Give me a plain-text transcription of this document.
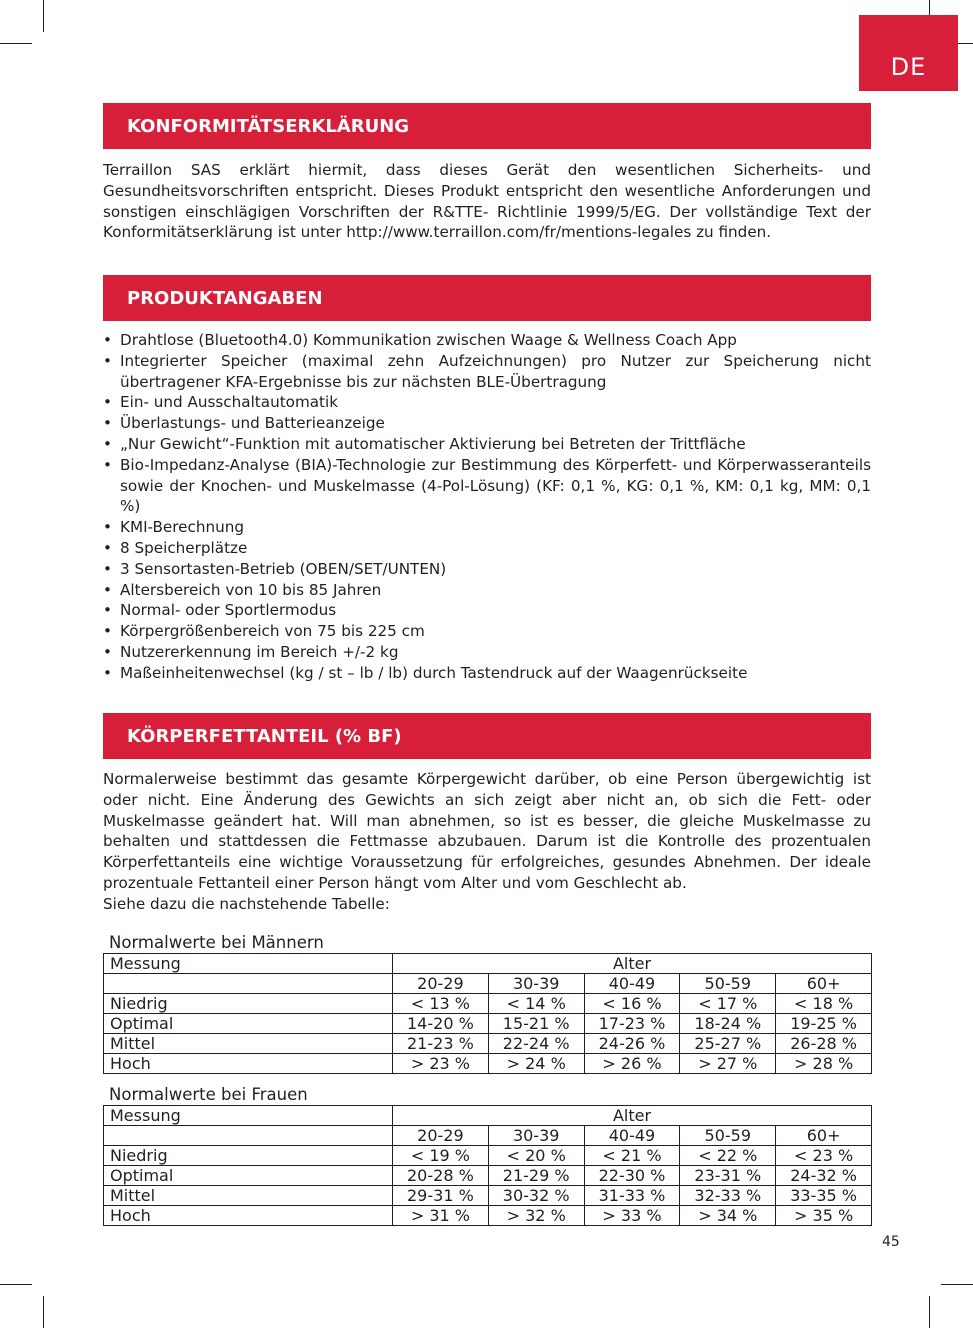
DE
KONFORMITÄTSERKLÄRUNG

Terraillon SAS erklärt hiermit, dass dieses Gerät den wesentlichen Sicherheits- und Gesundheitsvorschriften entspricht. Dieses Produkt entspricht den wesentliche Anforderungen und sonstigen einschlägigen Vorschriften der R&TTE- Richtlinie 1999/5/EG. Der vollständige Text der Konformitätserklärung ist unter http://www.terraillon.com/fr/mentions-legales zu finden.

PRODUKTANGABEN
• Drahtlose (Bluetooth4.0) Kommunikation zwischen Waage & Wellness Coach App
• Integrierter Speicher (maximal zehn Aufzeichnungen) pro Nutzer zur Speicherung nicht übertragener KFA-Ergebnisse bis zur nächsten BLE-Übertragung
• Ein- und Ausschaltautomatik
• Überlastungs- und Batterieanzeige
• „Nur Gewicht“-Funktion mit automatischer Aktivierung bei Betreten der Trittfläche
• Bio-Impedanz-Analyse (BIA)-Technologie zur Bestimmung des Körperfett- und Körperwasseranteils sowie der Knochen- und Muskelmasse (4-Pol-Lösung) (KF: 0,1 %, KG: 0,1 %, KM: 0,1 kg, MM: 0,1 %)
• KMI-Berechnung
• 8 Speicherplätze
• 3 Sensortasten-Betrieb (OBEN/SET/UNTEN)
• Altersbereich von 10 bis 85 Jahren
• Normal- oder Sportlermodus
• Körpergrößenbereich von 75 bis 225 cm
• Nutzererkennung im Bereich +/-2 kg
• Maßeinheitenwechsel (kg / st – lb / lb) durch Tastendruck auf der Waagenrückseite
KÖRPERFETTANTEIL (% BF)

Normalerweise bestimmt das gesamte Körpergewicht darüber, ob eine Person übergewichtig ist oder nicht. Eine Änderung des Gewichts an sich zeigt aber nicht an, ob sich die Fett- oder Muskelmasse geändert hat. Will man abnehmen, so ist es besser, die gleiche Muskelmasse zu behalten und stattdessen die Fettmasse abzubauen. Darum ist die Kontrolle des prozentualen Körperfettanteils eine wichtige Voraussetzung für erfolgreiches, gesundes Abnehmen. Der ideale prozentuale Fettanteil einer Person hängt vom Alter und vom Geschlecht ab.

Siehe dazu die nachstehende Tabelle:

Normalwerte bei Männern
Messung	Alter				
	20-29	30-39	40-49	50-59	60+
Niedrig	< 13 %	< 14 %	< 16 %	< 17 %	< 18 %
Optimal	14-20 %	15-21 %	17-23 %	18-24 %	19-25 %
Mittel	21-23 %	22-24 %	24-26 %	25-27 %	26-28 %
Hoch	> 23 %	> 24 %	> 26 %	> 27 %	> 28 %
Normalwerte bei Frauen
Messung	Alter				
	20-29	30-39	40-49	50-59	60+
Niedrig	< 19 %	< 20 %	< 21 %	< 22 %	< 23 %
Optimal	20-28 %	21-29 %	22-30 %	23-31 %	24-32 %
Mittel	29-31 %	30-32 %	31-33 %	32-33 %	33-35 %
Hoch	> 31 %	> 32 %	> 33 %	> 34 %	> 35 %
45
